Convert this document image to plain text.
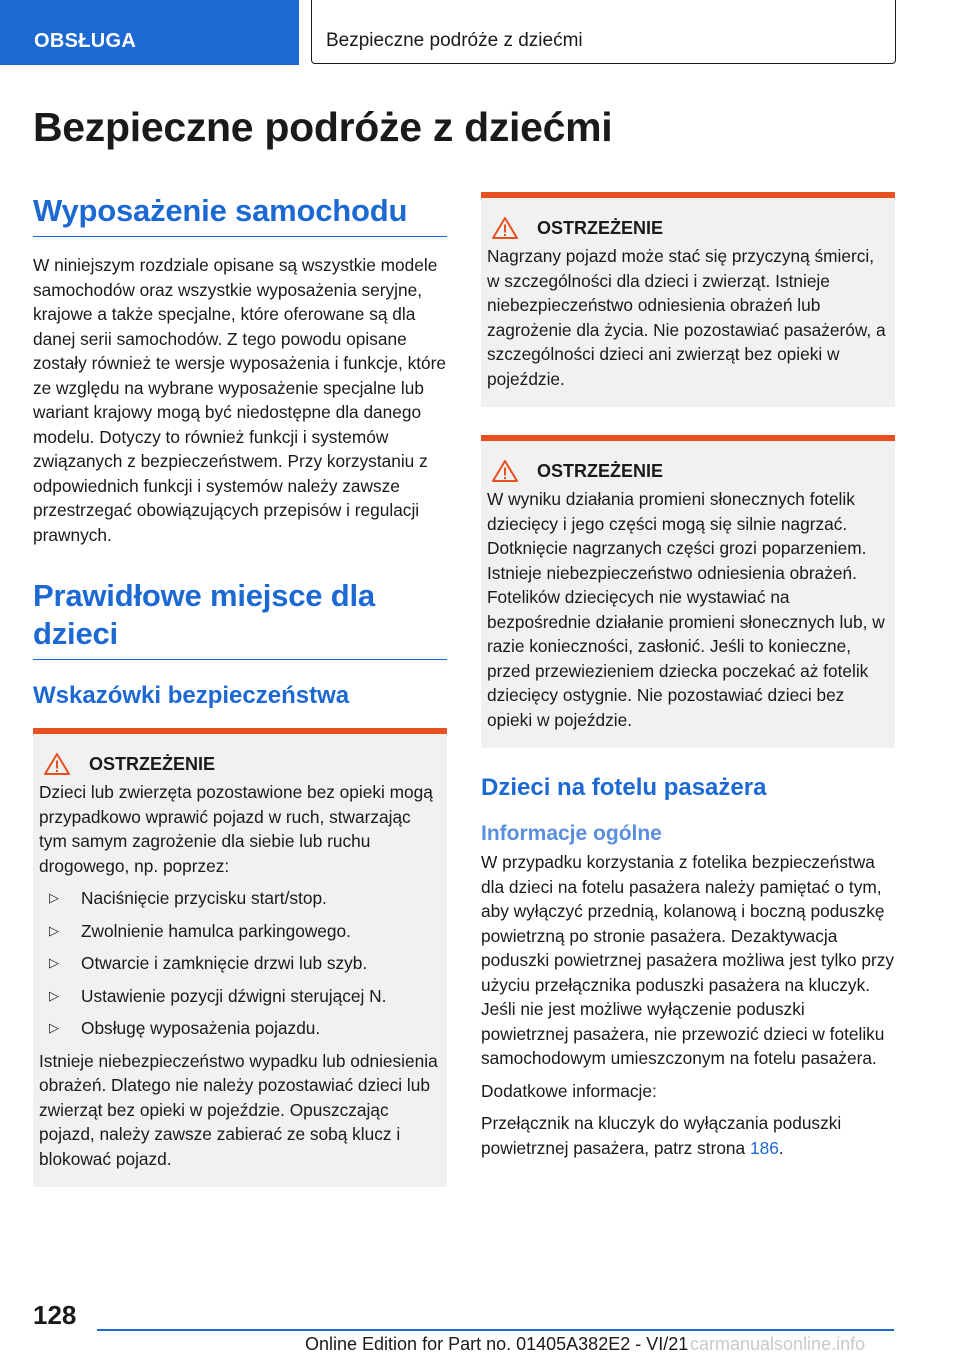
OBSŁUGA	Bezpieczne podróże z dziećmi
Bezpieczne podróże z dziećmi
Wyposażenie samochodu

W niniejszym rozdziale opisane są wszystkie modele samochodów oraz wszystkie wyposażenia seryjne, krajowe a także specjalne, które oferowane są dla danej serii samochodów. Z tego powodu opisane zostały również te wersje wyposażenia i funkcje, które ze względu na wybrane wyposażenie specjalne lub wariant krajowy mogą być niedostępne dla danego modelu. Dotyczy to również funkcji i systemów związanych z bezpieczeństwem. Przy korzystaniu z odpowiednich funkcji i systemów należy zawsze przestrzegać obowiązujących przepisów i regulacji prawnych.

Prawidłowe miejsce dla dzieci
Wskazówki bezpieczeństwa
OSTRZEŻENIE

Dzieci lub zwierzęta pozostawione bez opieki mogą przypadkowo wprawić pojazd w ruch, stwarzając tym samym zagrożenie dla siebie lub ruchu drogowego, np. poprzez:

▷	Naciśnięcie przycisku start/stop.
▷	Zwolnienie hamulca parkingowego.
▷	Otwarcie i zamknięcie drzwi lub szyb.
▷	Ustawienie pozycji dźwigni sterującej N.
▷	Obsługę wyposażenia pojazdu.

Istnieje niebezpieczeństwo wypadku lub odniesienia obrażeń. Dlatego nie należy pozostawiać dzieci lub zwierząt bez opieki w pojeździe. Opuszczając pojazd, należy zawsze zabierać ze sobą klucz i blokować pojazd.

OSTRZEŻENIE

Nagrzany pojazd może stać się przyczyną śmierci, w szczególności dla dzieci i zwierząt. Istnieje niebezpieczeństwo odniesienia obrażeń lub zagrożenie dla życia. Nie pozostawiać pasażerów, a szczególności dzieci ani zwierząt bez opieki w pojeździe.

OSTRZEŻENIE

W wyniku działania promieni słonecznych fotelik dziecięcy i jego części mogą się silnie nagrzać. Dotknięcie nagrzanych części grozi poparzeniem. Istnieje niebezpieczeństwo odniesienia obrażeń. Fotelików dziecięcych nie wystawiać na bezpośrednie działanie promieni słonecznych lub, w razie konieczności, zasłonić. Jeśli to konieczne, przed przewiezieniem dziecka poczekać aż fotelik dziecięcy ostygnie. Nie pozostawiać dzieci bez opieki w pojeździe.

Dzieci na fotelu pasażera
Informacje ogólne

W przypadku korzystania z fotelika bezpieczeństwa dla dzieci na fotelu pasażera należy pamiętać o tym, aby wyłączyć przednią, kolanową i boczną poduszkę powietrzną po stronie pasażera. Dezaktywacja poduszki powietrznej pasażera możliwa jest tylko przy użyciu przełącznika poduszki pasażera na kluczyk. Jeśli nie jest możliwe wyłączenie poduszki powietrznej pasażera, nie przewozić dzieci w foteliku samochodowym umieszczonym na fotelu pasażera.

Dodatkowe informacje:

Przełącznik na kluczyk do wyłączania poduszki powietrznej pasażera, patrz strona 186.

128
Online Edition for Part no. 01405A382E2 - VI/21 carmanualsonline.info
